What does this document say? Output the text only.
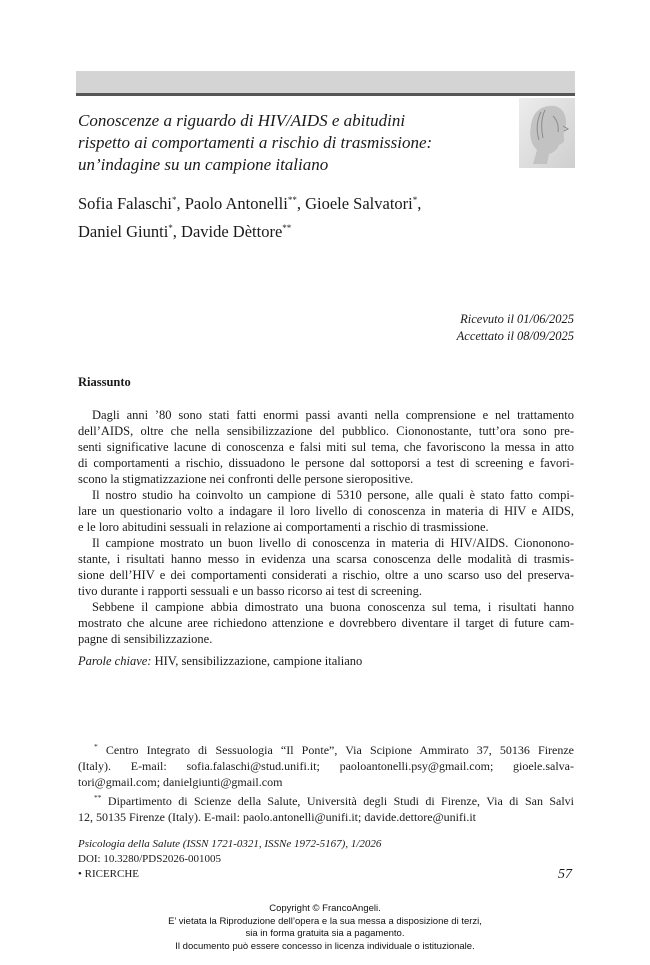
Conoscenze a riguardo di HIV/AIDS e abitudini
rispetto ai comportamenti a rischio di trasmissione:
un’indagine su un campione italiano
Sofia Falaschi*, Paolo Antonelli**, Gioele Salvatori*,
Daniel Giunti*, Davide Dèttore**
Ricevuto il 01/06/2025
Accettato il 08/09/2025
Riassunto
Dagli anni ’80 sono stati fatti enormi passi avanti nella comprensione e nel trattamento
dell’AIDS, oltre che nella sensibilizzazione del pubblico. Ciononostante, tutt’ora sono pre-
senti significative lacune di conoscenza e falsi miti sul tema, che favoriscono la messa in atto
di comportamenti a rischio, dissuadono le persone dal sottoporsi a test di screening e favori-
scono la stigmatizzazione nei confronti delle persone sieropositive.
Il nostro studio ha coinvolto un campione di 5310 persone, alle quali è stato fatto compi-
lare un questionario volto a indagare il loro livello di conoscenza in materia di HIV e AIDS,
e le loro abitudini sessuali in relazione ai comportamenti a rischio di trasmissione.
Il campione mostrato un buon livello di conoscenza in materia di HIV/AIDS. Ciononono-
stante, i risultati hanno messo in evidenza una scarsa conoscenza delle modalità di trasmis-
sione dell’HIV e dei comportamenti considerati a rischio, oltre a uno scarso uso del preserva-
tivo durante i rapporti sessuali e un basso ricorso ai test di screening.
Sebbene il campione abbia dimostrato una buona conoscenza sul tema, i risultati hanno
mostrato che alcune aree richiedono attenzione e dovrebbero diventare il target di future cam-
pagne di sensibilizzazione.
Parole chiave: HIV, sensibilizzazione, campione italiano
* Centro Integrato di Sessuologia “Il Ponte”, Via Scipione Ammirato 37, 50136 Firenze
(Italy). E-mail: sofia.falaschi@stud.unifi.it; paoloantonelli.psy@gmail.com; gioele.salva-
tori@gmail.com; danielgiunti@gmail.com
** Dipartimento di Scienze della Salute, Università degli Studi di Firenze, Via di San Salvi
12, 50135 Firenze (Italy). E-mail: paolo.antonelli@unifi.it; davide.dettore@unifi.it
Psicologia della Salute (ISSN 1721-0321, ISSNe 1972-5167), 1/2026
DOI: 10.3280/PDS2026-001005
• RICERCHE	57
Copyright © FrancoAngeli.
E’ vietata la Riproduzione dell’opera e la sua messa a disposizione di terzi,
sia in forma gratuita sia a pagamento.
Il documento può essere concesso in licenza individuale o istituzionale.
